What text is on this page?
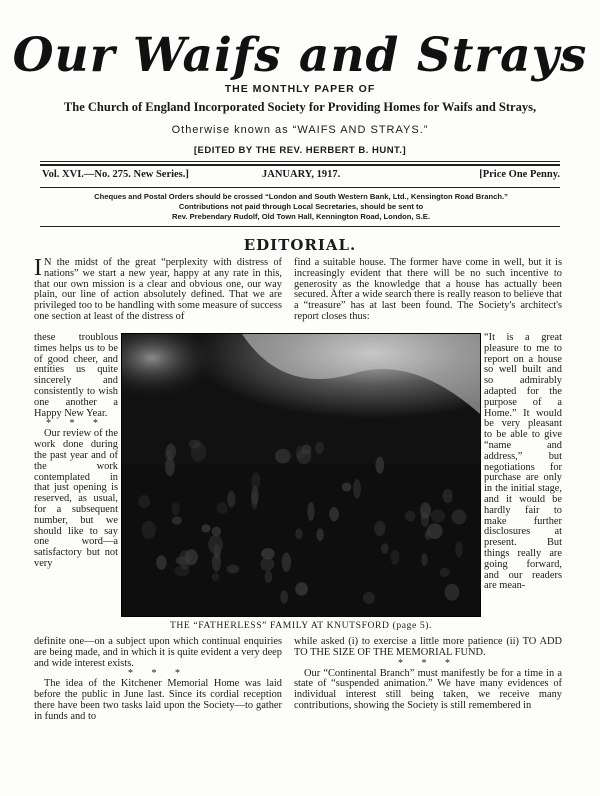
Our Waifs and Strays
THE MONTHLY PAPER OF
The Church of England Incorporated Society for Providing Homes for Waifs and Strays,
Otherwise known as “WAIFS AND STRAYS.”
[EDITED BY THE REV. HERBERT B. HUNT.]
Vol. XVI.—No. 275. New Series.]	JANUARY, 1917.	[Price One Penny.
Cheques and Postal Orders should be crossed “London and South Western Bank, Ltd., Kensington Road Branch.”
Contributions not paid through Local Secretaries, should be sent to
Rev. Prebendary Rudolf, Old Town Hall, Kennington Road, London, S.E.
EDITORIAL.
I N the midst of the great “perplexity with distress of nations” we start a new year, happy at any rate in this, that our own mission is a clear and obvious one, our way plain, our line of action absolutely defined. That we are privileged too to be handling with some measure of success one section at least of the distress of
these troublous times helps us to be of good cheer, and entities us quite sincerely and consistently to wish one another a Happy New Year.
* * *
Our review of the work done during the past year and of the work contemplated in that just opening is reserved, as usual, for a subsequent number, but we should like to say one word—a satisfactory but not very
find a suitable house. The former have come in well, but it is increasingly evident that there will be no such incentive to generosity as the knowledge that a house has actually been secured. After a wide search there is really reason to believe that a “treasure” has at last been found. The Society's architect's report closes thus:
“It is a great pleasure to me to report on a house so well built and so admirably adapted for the purpose of a Home.” It would be very pleasant to be able to give “name and address,” but negotiations for purchase are only in the initial stage, and it would be hardly fair to make further disclosures at present. But things really are going forward, and our readers are mean-
THE “FATHERLESS” FAMILY AT KNUTSFORD (page 5).
definite one—on a subject upon which continual enquiries are being made, and in which it is quite evident a very deep and wide interest exists.
* * *
The idea of the Kitchener Memorial Home was laid before the public in June last. Since its cordial reception there have been two tasks laid upon the Society—to gather in funds and to
while asked (i) to exercise a little more patience (ii) TO ADD TO THE SIZE OF THE MEMORIAL FUND.
* * *
Our “Continental Branch” must manifestly be for a time in a state of “suspended animation.” We have many evidences of individual interest still being taken, we receive many contributions, showing the Society is still remembered in
